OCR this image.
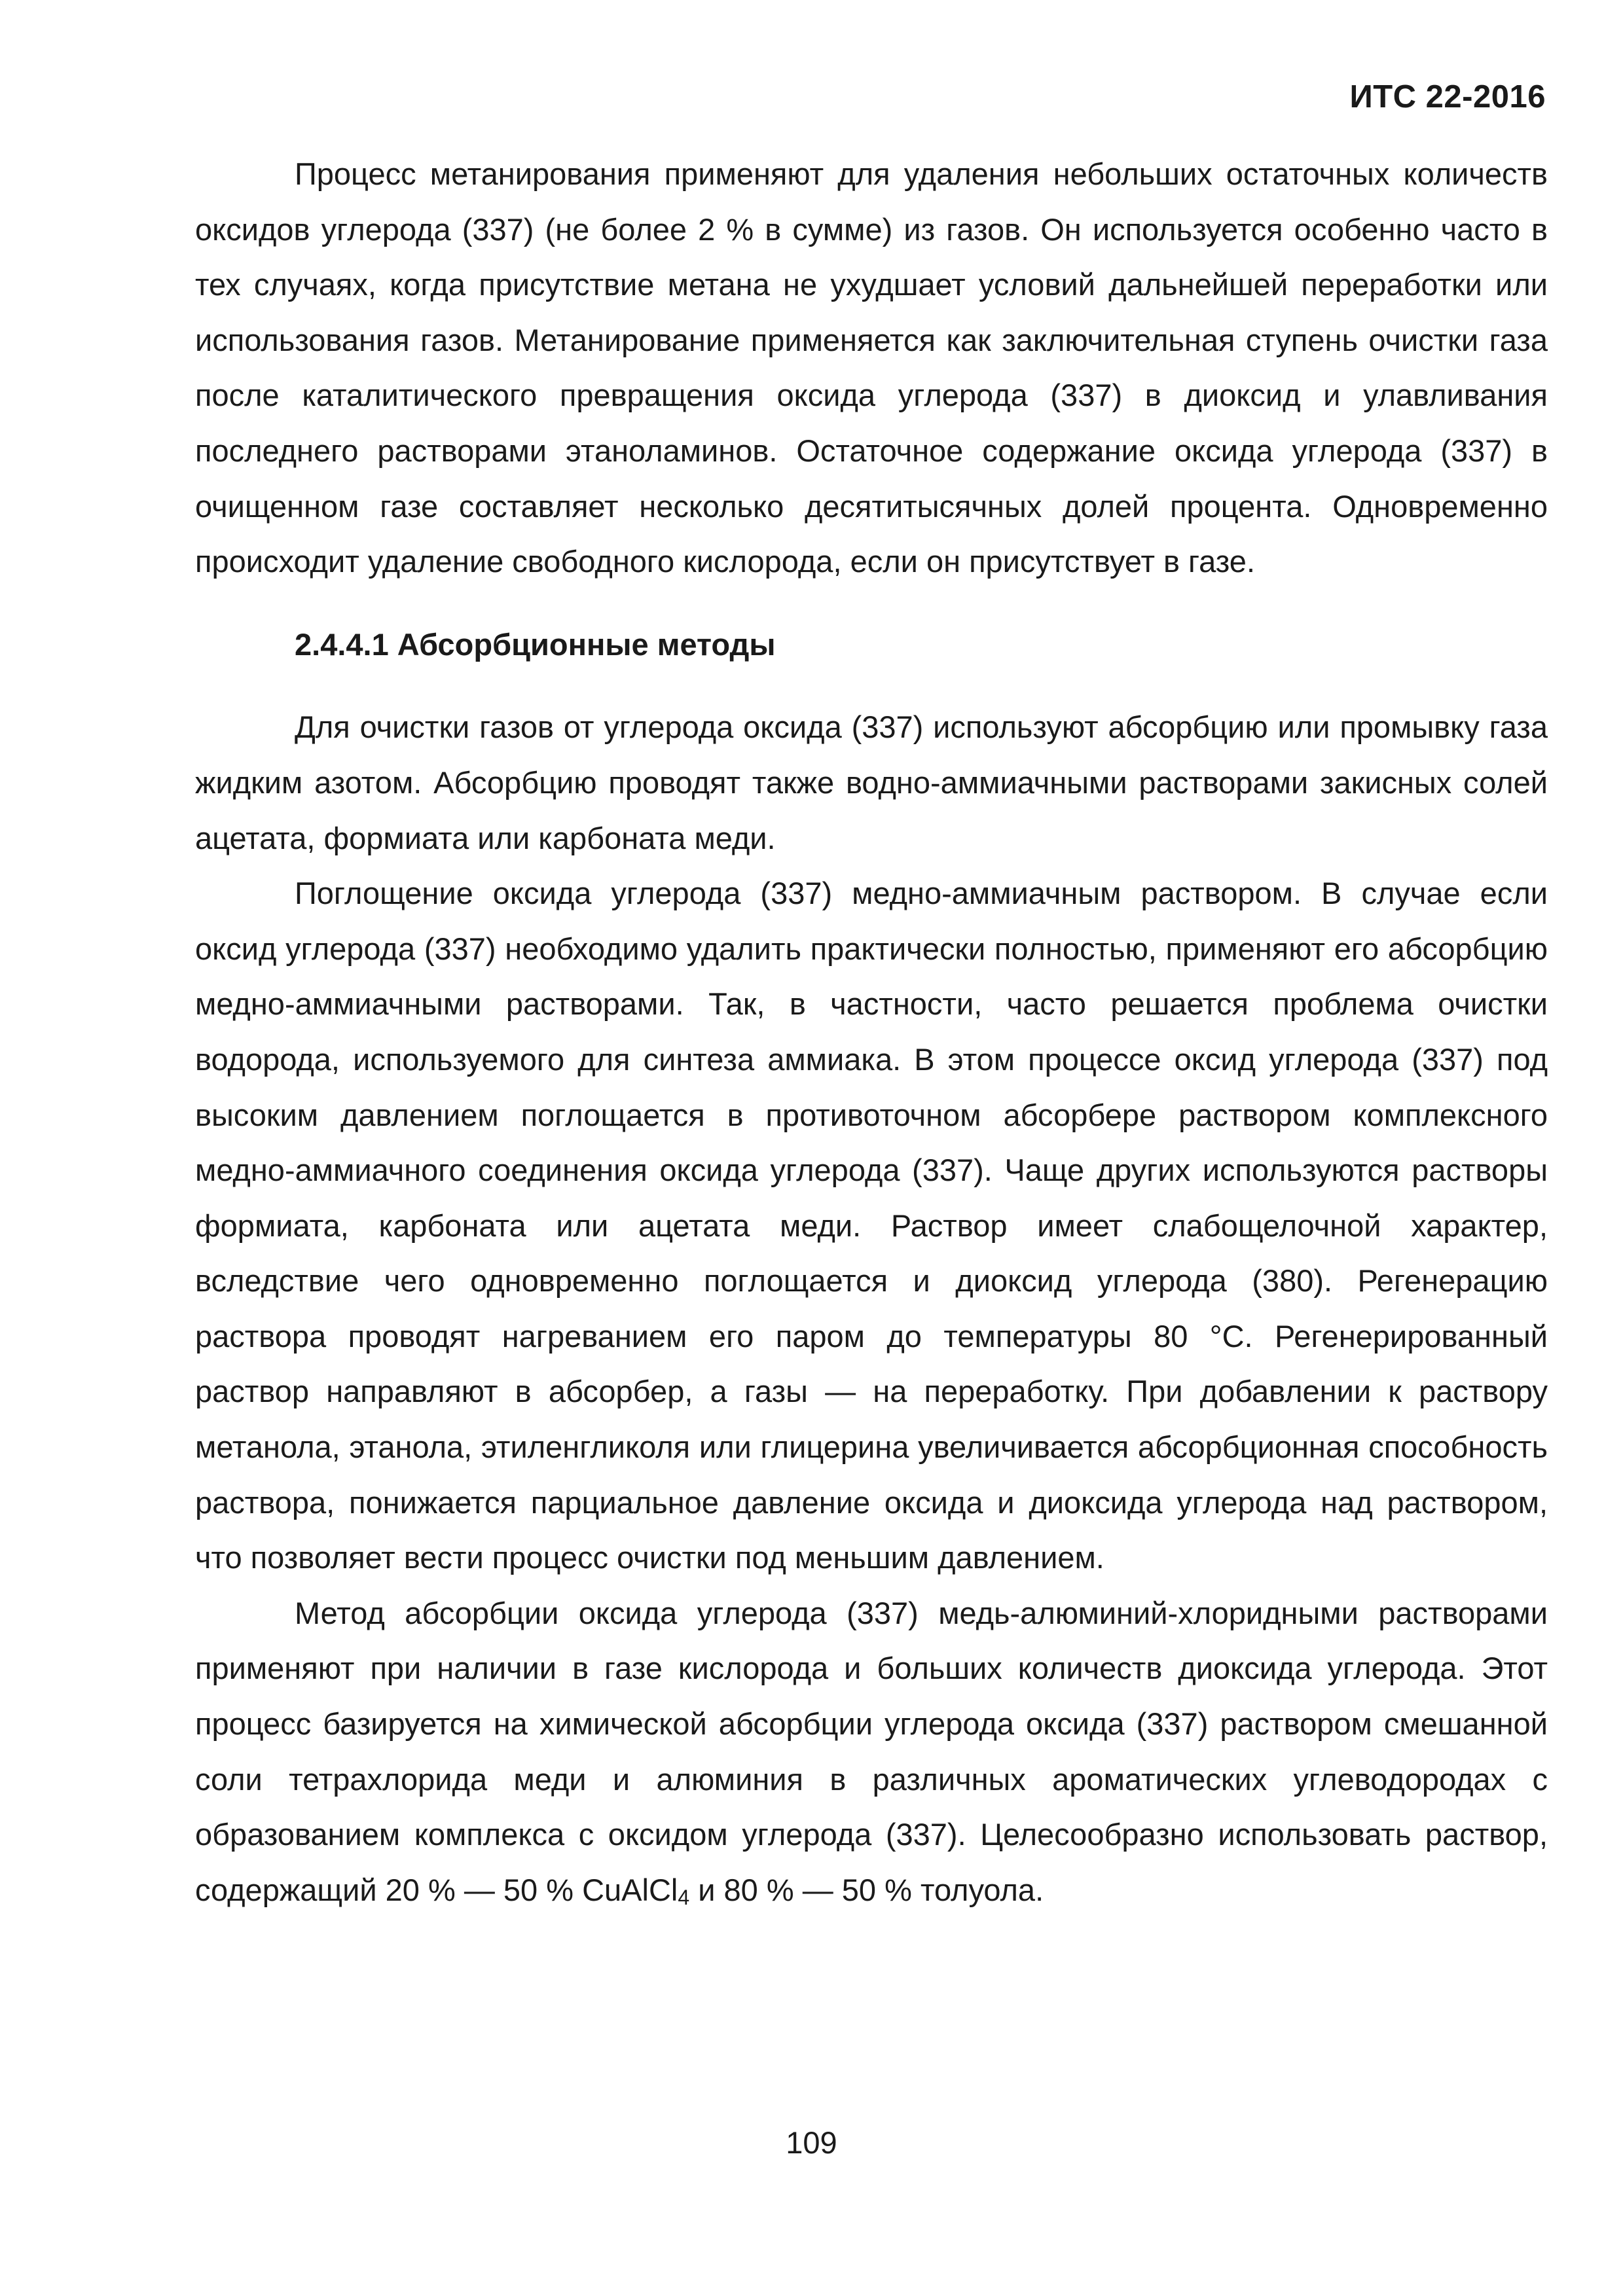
ИТС 22-2016

Процесс метанирования применяют для удаления небольших остаточных количеств оксидов углерода (337) (не более 2 % в сумме) из газов. Он используется особенно часто в тех случаях, когда присутствие метана не ухудшает условий дальнейшей переработки или использования газов. Метанирование применяется как заключительная ступень очистки газа после каталитического превращения оксида углерода (337) в диоксид и улавливания последнего растворами этаноламинов. Остаточное содержание оксида углерода (337) в очищенном газе составляет несколько десятитысячных долей процента. Одновременно происходит удаление свободного кислорода, если он присутствует в газе.

2.4.4.1 Абсорбционные методы

Для очистки газов от углерода оксида (337) используют абсорбцию или промывку газа жидким азотом. Абсорбцию проводят также водно-аммиачными растворами закисных солей ацетата, формиата или карбоната меди.

Поглощение оксида углерода (337) медно-аммиачным раствором. В случае если оксид углерода (337) необходимо удалить практически полностью, применяют его абсорбцию медно-аммиачными растворами. Так, в частности, часто решается проблема очистки водорода, используемого для синтеза аммиака. В этом процессе оксид углерода (337) под высоким давлением поглощается в противоточном абсорбере раствором комплексного медно-аммиачного соединения оксида углерода (337). Чаще других используются растворы формиата, карбоната или ацетата меди. Раствор имеет слабощелочной характер, вследствие чего одновременно поглощается и диоксид углерода (380). Регенерацию раствора проводят нагреванием его паром до температуры 80 °С. Регенерированный раствор направляют в абсорбер, а газы — на переработку. При добавлении к раствору метанола, этанола, этиленгликоля или глицерина увеличивается абсорбционная способность раствора, понижается парциальное давление оксида и диоксида углерода над раствором, что позволяет вести процесс очистки под меньшим давлением.

Метод абсорбции оксида углерода (337) медь-алюминий-хлоридными растворами применяют при наличии в газе кислорода и больших количеств диоксида углерода. Этот процесс базируется на химической абсорбции углерода оксида (337) раствором смешанной соли тетрахлорида меди и алюминия в различных ароматических углеводородах с образованием комплекса с оксидом углерода (337). Целесообразно использовать раствор, содержащий 20 % — 50 % CuAlCl4 и 80 % — 50 % толуола.

109
